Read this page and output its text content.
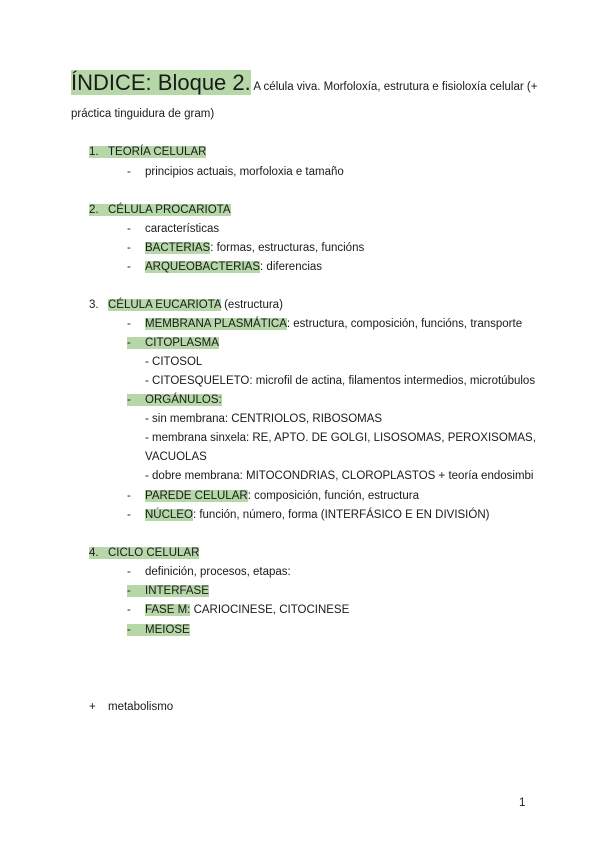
ÍNDICE: Bloque 2. A célula viva. Morfoloxía, estrutura e fisioloxía celular (+
práctica tinguidura de gram)
1. TEORÍA CELULAR
- principios actuais, morfoloxia e tamaño
2. CÉLULA PROCARIOTA
- características
- BACTERIAS: formas, estructuras, funcións
- ARQUEOBACTERIAS: diferencias
3. CÉLULA EUCARIOTA (estructura)
- MEMBRANA PLASMÁTICA: estructura, composición, funcións, transporte
-	CITOPLASMA
- CITOSOL
- CITOESQUELETO: microfil de actina, filamentos intermedios, microtúbulos
-	ORGÁNULOS:
- sin membrana: CENTRIOLOS, RIBOSOMAS
- membrana sinxela: RE, APTO. DE GOLGI, LISOSOMAS, PEROXISOMAS,
VACUOLAS
- dobre membrana: MITOCONDRIAS, CLOROPLASTOS + teoría endosimbi
- PAREDE CELULAR: composición, función, estructura
- NÚCLEO: función, número, forma (INTERFÁSICO E EN DIVISIÓN)
4. CICLO CELULAR
- definición, procesos, etapas:
-	INTERFASE
- FASE M: CARIOCINESE, CITOCINESE
-	MEIOSE
+ metabolismo
1
